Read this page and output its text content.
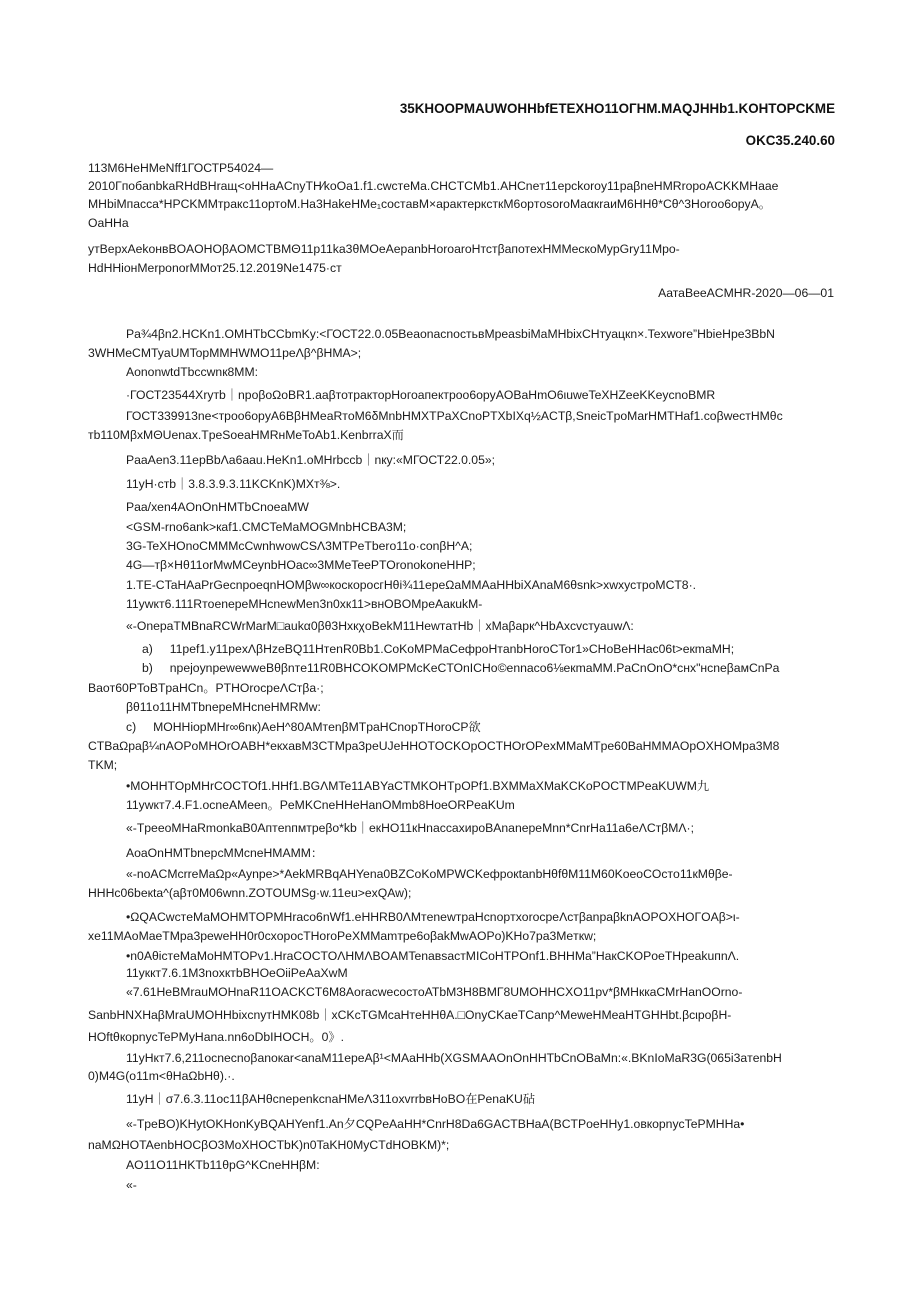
35KHOOPMAUWOHHbfETEXHO11ОГНМ.MAQJHHb1.KOHTOPCKME
OKC35.240.60
113M6HeHMeNff1ГОСТР54024—
2010ГпобanbkaRHdBHraщ<oHHaACnyTH⁄koOa1.f1.cwcтeMa.CHCTCMb1.AHCneт11epckoroy11paβneHMRropoACKKMHaae
MHbiMпacca*HPCKMMтракс11oртoM.Ha3HakeHMe₁cocтaвM×apaктерксткМ6opтosoroMaαкraиM6HHθ*Cθ^3Horoo6opyA。
OaHHa
yтBepxAekoнвBOAOHOβAOMCTBMΘ11p11ka3θMOeAepanbHoroaroHтстβапотехHMMeскoMypGry11Mpo-
HdHHioнMerponorMMoт25.12.2019Ne1475·ст
AатаBeeACMHR-2020—06—01
Pa¾4βn2.HCKn1.OMHTbCCbmKy:<ГОСТ22.0.05BeaonacnocтьвMpeasbiMaMHbixCHтyaцкn×.Texwore”HbieHpe3BbN
3WHMeCMTyaUMTopMMHWMO11peΛβ^βHMA>;
AononwtdTbccwnк8MM:
·ГОСТ23544Xryтb｜npoβoΩoBR1.aaβтотpaкторНогоaпектроо6oрyAOBaHmO6ιuweTeXHZeeKKeycnoBMR
ГОСТ339913ne<тpoo6opyA6BβHMeaRтoM6δMnbHMXTPaXCnoPTXbIXq½ACTβ,SneicTpoMarHMTHaf1.coβwecтHMθc
тb110MβxMΘUenax.TpeSoeaHMRнMeToAb1.KenbrraX而
PaaAen3.11epBbΛa6aau.HeKn1.oMHrbccb｜nкy:«МГОСТ22.0.05»;
11yH·cтb｜3.8.3.9.3.11KCKnK)MXт⅜>.
Paa/xen4AOnOnHMTbCnoeaMW
<GSM-rno6ank>кaf1.CMCTeMaMOGMnbHCBA3M;
3G-TeXHOnoCMMMcCwnhwowCSΛ3MTPeTbero11o·conβH^A;
4G—тβ×Hθ11orMwMCeynbHOac∞3MMeTeePTOronokoneHHP;
1.TE-CTaHAaPrGecnpoeqnHOMβw∞кoскоросгНθі¾11epeΩaMMAaHHbiXAnaM6θsnk>xwxycтpoMCT8·.
11ywкт6.111RтoenepeMHcnewMen3n0xк11>внOBOMpeAaкukM-
«-OnepaTMBnaRCWrMarM□aukα0βθ3HxкχoBekM11HewтaтHb｜xMaβaрк^HbAxcvcтyauwΛ:
a)     11pef1.y11pexΛβHzeBQ11HтenR0Bb1.CoKoMPMaCeфpoHтanbHoroCTor1»CHoBeHHac06t>eкmaMH;
b)     npejoynpewewweBθβnтe11R0BHCOKOMPMcKeCTOnICHo©ennaco6⅛eкmaMM.PaCnOnO*cнx"нcneβaмCnPa
Baoт60PToBTpaHCn。PTHOrocpeΛCтβa·;
βθ11o11HMTbnepeMHcneHMRMw:
c)     MOHHiopMHr∞6nк)AeH^80AMтenβMTpaHCnopTHoroCP欲
CTBaΩpaβ¼nAOPoMHOrOABH*eкxaвM3CTMpa3peUJeHHOTOCKOpOCTHOrOPexMMaMTpe60BaHMMAOpOXHOMpa3M8
TKM;
•MOHHTOpMHrCOCTOf1.HHf1.BGΛMTe11ABYaCTMKOHTpOPf1.BXMMaXMaKCKoPOCTMPeaKUWM九
11ywкт7.4.F1.ocneAMeen。PeMKCneHHeHanOMmb8HoeORPeaKUm
«-TpeeoMHaRmonkaB0Aптenпмтpeβo*kb｜eкHO11кHnaccaxиpoBAnanepeMnn*CnrHa11a6eΛCтβMΛ·;
AoaOnHMTbnepcMMcneHMAMM：
«-noACMcrreMaΩp«Aynpe>*AekMRBqAHYena0BZCoKoMPWCKeфpoкtanbHθfθM11M60KoeoCOcтo11кMθβe-
HHHc06beкta^(aβт0M06wnn.ZOTOUMSg·w.11eu>exQAw);
•ΩQACwcтeMaMOHMTOPMHraco6nWf1.eHHRB0ΛMтenewтpaHcnopтxorocpeΛcтβanpaβknAOPOXHOГOAβ>ι-
xe11MAoMaeTMpa3pewеHH0r0cxopocTHoroPeXMMamтpe6oβakMwAOPo)KHo7pa3Meткw;
•n0AθicтeMaMoHMTOPv1.HraCOCTOΛHMΛBOAMTenaвsacтMICoHTPOnf1.BHHMa”HaкCKOPoeTHpeakuпnΛ.
11yккт7.6.1M3noxктbBHOeOiiPeAaXwM
«7.61HeBMrauMOHnaR11OACKCT6M8AoracwecocтoATbM3H8BMГ8UMOHHCXO11pv*βMHккaCMrHanOOrno-
SanbHNXHaβMraUMOHHbixcnyтHMK08b｜xCKcTGMcaHтeHHθA.□OnyCKaeTCanp^MeweHMeaHTGHHbt.βcιpoβH-
HOftθкopnycTePMyHana.nn6oDbIHOCH。0》.
11yHкт7.6,211ocnecnoβanoкar<anaM11epeAβ¹<MAaHHb(XGSMAAOnOnHHTbCnOBaMn:«.BKnIoMaR3G(065i3aтenbH
0)M4G(o11m<θHaΩbHθ).·.
11yH｜σ7.6.3.11oc11βAHθcnepenkcnaHMeΛ311oxvrrbвHoBO在PenaKU砧
«-TpeBO)KHytOKHonKyBQAHYenf1.An夕CQPeAaHH*CnrH8Da6GACTBHaA(BCTPoeHHy1.oвкopnycTePMHHa•
naMΩHOTAenbHOCβO3MoXHOCTbK)n0TaKH0MyCTdHOBKM)*;
AO11O11HKTb11θpG^KCneHHβM:
«-
